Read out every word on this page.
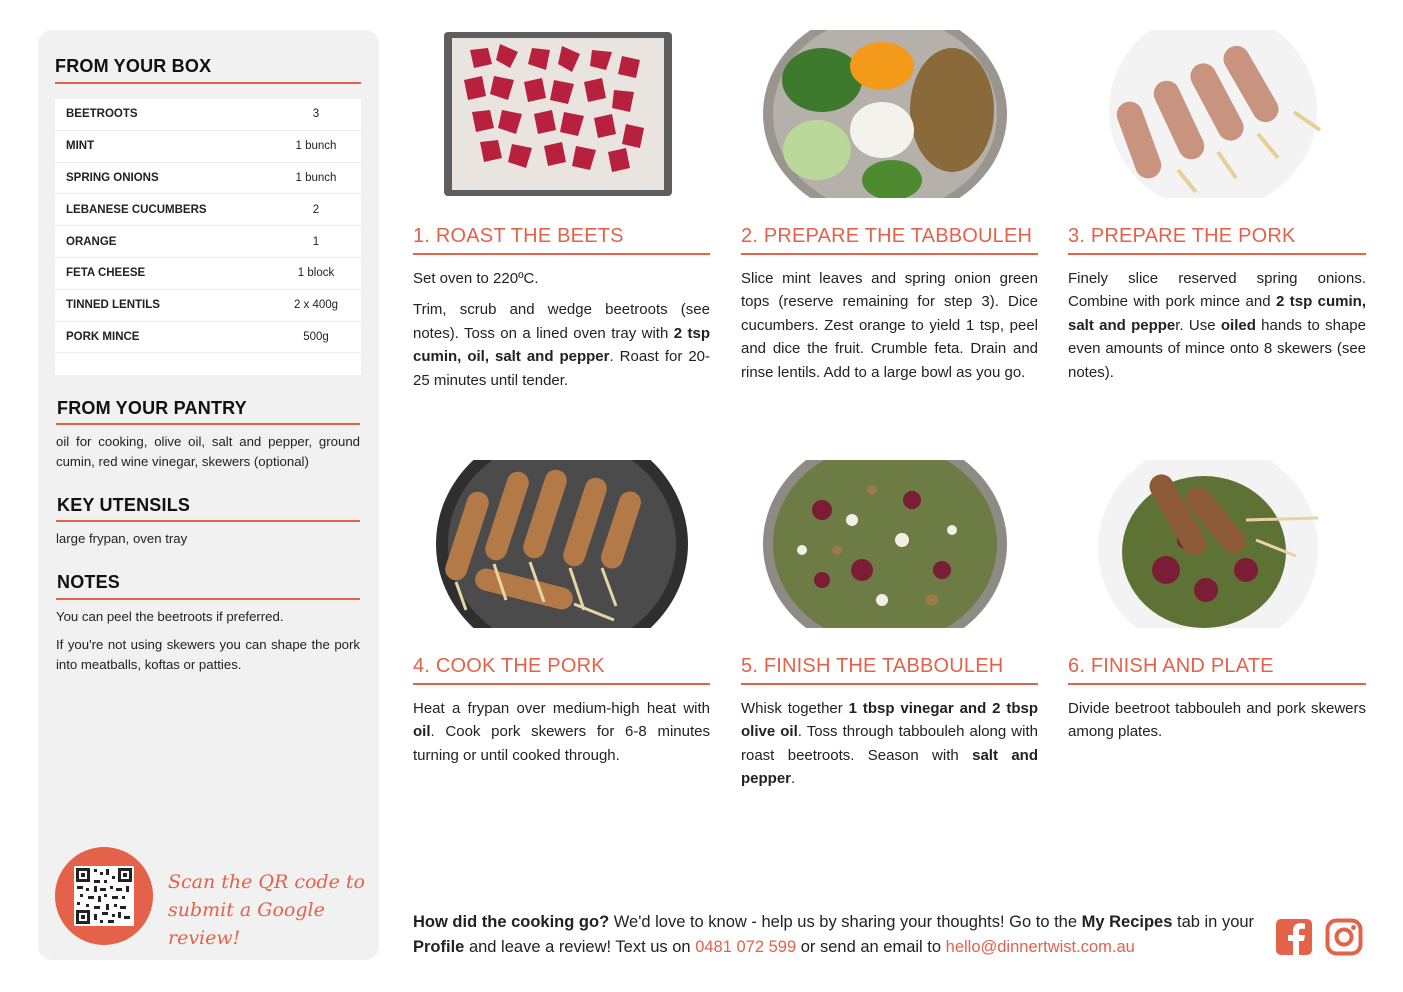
FROM YOUR BOX
BEETROOTS	3
MINT	1 bunch
SPRING ONIONS	1 bunch
LEBANESE CUCUMBERS	2
ORANGE	1
FETA CHEESE	1 block
TINNED LENTILS	2 x 400g
PORK MINCE	500g
FROM YOUR PANTRY
oil for cooking, olive oil, salt and pepper, ground cumin, red wine vinegar, skewers (optional)
KEY UTENSILS
large frypan, oven tray
NOTES

You can peel the beetroots if preferred.

If you're not using skewers you can shape the pork into meatballs, koftas or patties.

Scan the QR code to
submit a Google review!
1. ROAST THE BEETS	2. PREPARE THE TABBOULEH 3. PREPARE THE PORK
4. COOK THE PORK	5. FINISH THE TABBOULEH	6. FINISH AND PLATE

Set oven to 220ºC.

Trim, scrub and wedge beetroots (see notes). Toss on a lined oven tray with 2 tsp cumin, oil, salt and pepper. Roast for 20-25 minutes until tender.

Slice mint leaves and spring onion green tops (reserve remaining for step 3). Dice cucumbers. Zest orange to yield 1 tsp, peel and dice the fruit. Crumble feta. Drain and rinse lentils. Add to a large bowl as you go.

Finely slice reserved spring onions. Combine with pork mince and 2 tsp cumin, salt and pepper. Use oiled hands to shape even amounts of mince onto 8 skewers (see notes).

Heat a frypan over medium-high heat with oil. Cook pork skewers for 6-8 minutes turning or until cooked through.

Whisk together 1 tbsp vinegar and 2 tbsp olive oil. Toss through tabbouleh along with roast beetroots. Season with salt and pepper.

Divide beetroot tabbouleh and pork skewers among plates.

How did the cooking go? We'd love to know - help us by sharing your thoughts! Go to the My Recipes tab in your Profile and leave a review! Text us on 0481 072 599 or send an email to hello@dinnertwist.com.au
